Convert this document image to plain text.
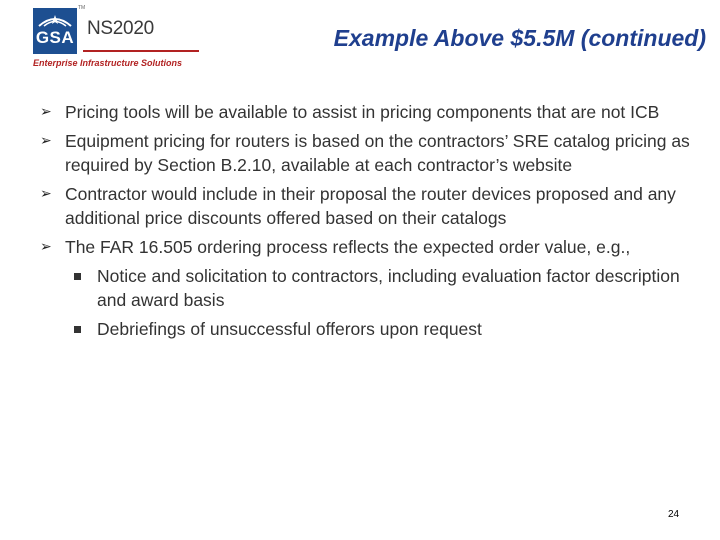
GSA
TM
NS2020
Enterprise Infrastructure Solutions
Example Above $5.5M (continued)
➢ Pricing tools will be available to assist in pricing components that are not ICB
➢ Equipment pricing for routers is based on the contractors’ SRE catalog pricing as required by Section B.2.10, available at each contractor’s website
➢ Contractor would include in their proposal the router devices proposed and any additional price discounts offered based on their catalogs
➢ The FAR 16.505 ordering process reflects the expected order value, e.g.,
Notice and solicitation to contractors, including evaluation factor description and award basis
Debriefings of unsuccessful offerors upon request
24
